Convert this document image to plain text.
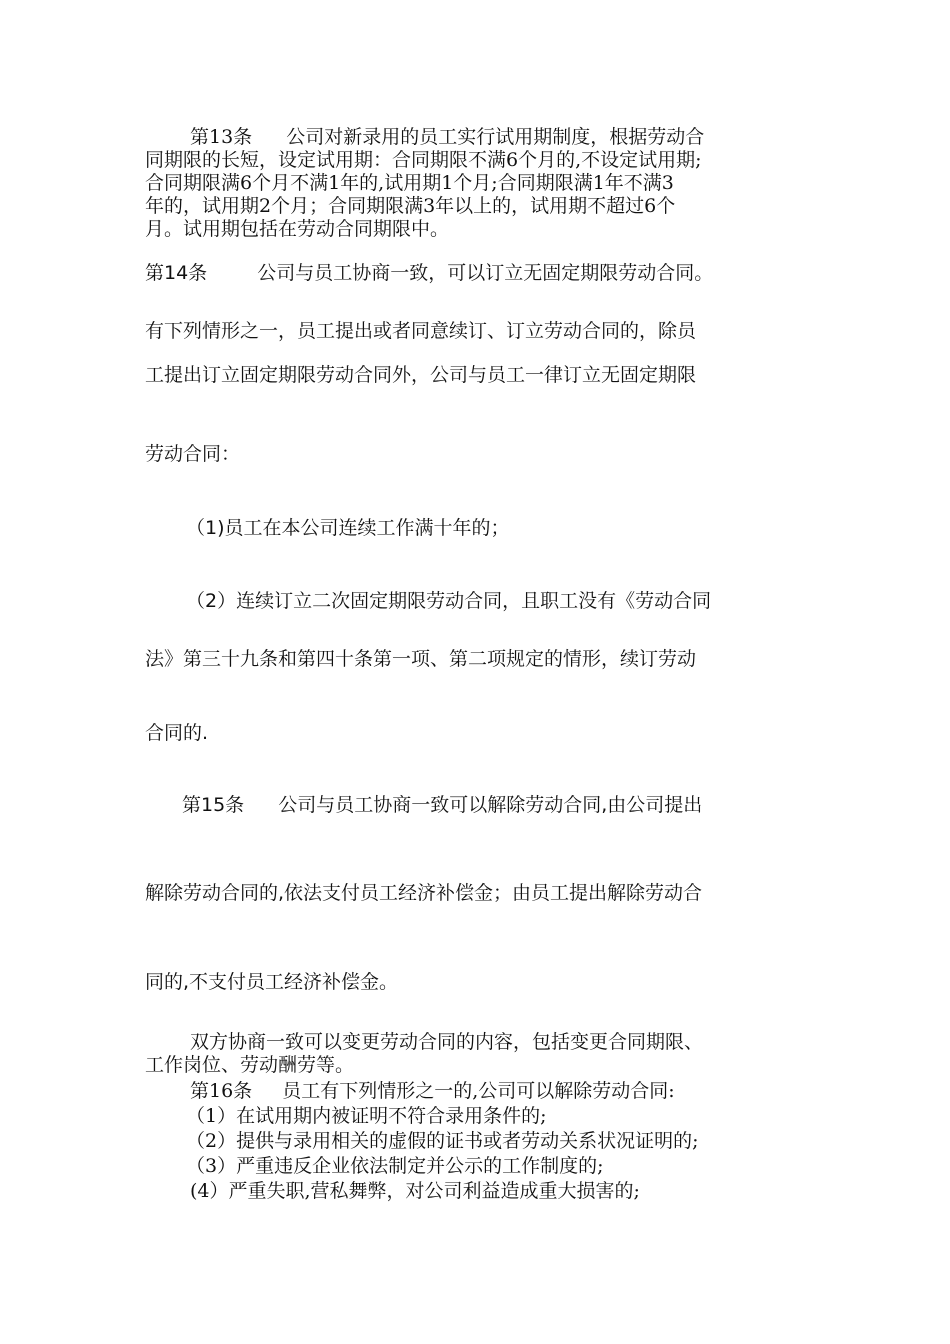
第13条 公司对新录用的员工实行试用期制度，根据劳动合
同期限的长短，设定试用期：合同期限不满6个月的,不设定试用期;
合同期限满6个月不满1年的,试用期1个月;合同期限满1年不满3
年的，试用期2个月；合同期限满3年以上的，试用期不超过6个
月。试用期包括在劳动合同期限中。
第14条	公司与员工协商一致，可以订立无固定期限劳动合同。
有下列情形之一，员工提出或者同意续订、订立劳动合同的，除员
工提出订立固定期限劳动合同外，公司与员工一律订立无固定期限
劳动合同：
（1)员工在本公司连续工作满十年的；
（2）连续订立二次固定期限劳动合同，且职工没有《劳动合同
法》第三十九条和第四十条第一项、第二项规定的情形，续订劳动
合同的.
第15条 公司与员工协商一致可以解除劳动合同,由公司提出
解除劳动合同的,依法支付员工经济补偿金；由员工提出解除劳动合
同的,不支付员工经济补偿金。
双方协商一致可以变更劳动合同的内容，包括变更合同期限、
工作岗位、劳动酬劳等。
第16条 员工有下列情形之一的,公司可以解除劳动合同:
（1）在试用期内被证明不符合录用条件的;
（2）提供与录用相关的虚假的证书或者劳动关系状况证明的;
（3）严重违反企业依法制定并公示的工作制度的;
(4）严重失职,营私舞弊，对公司利益造成重大损害的;
